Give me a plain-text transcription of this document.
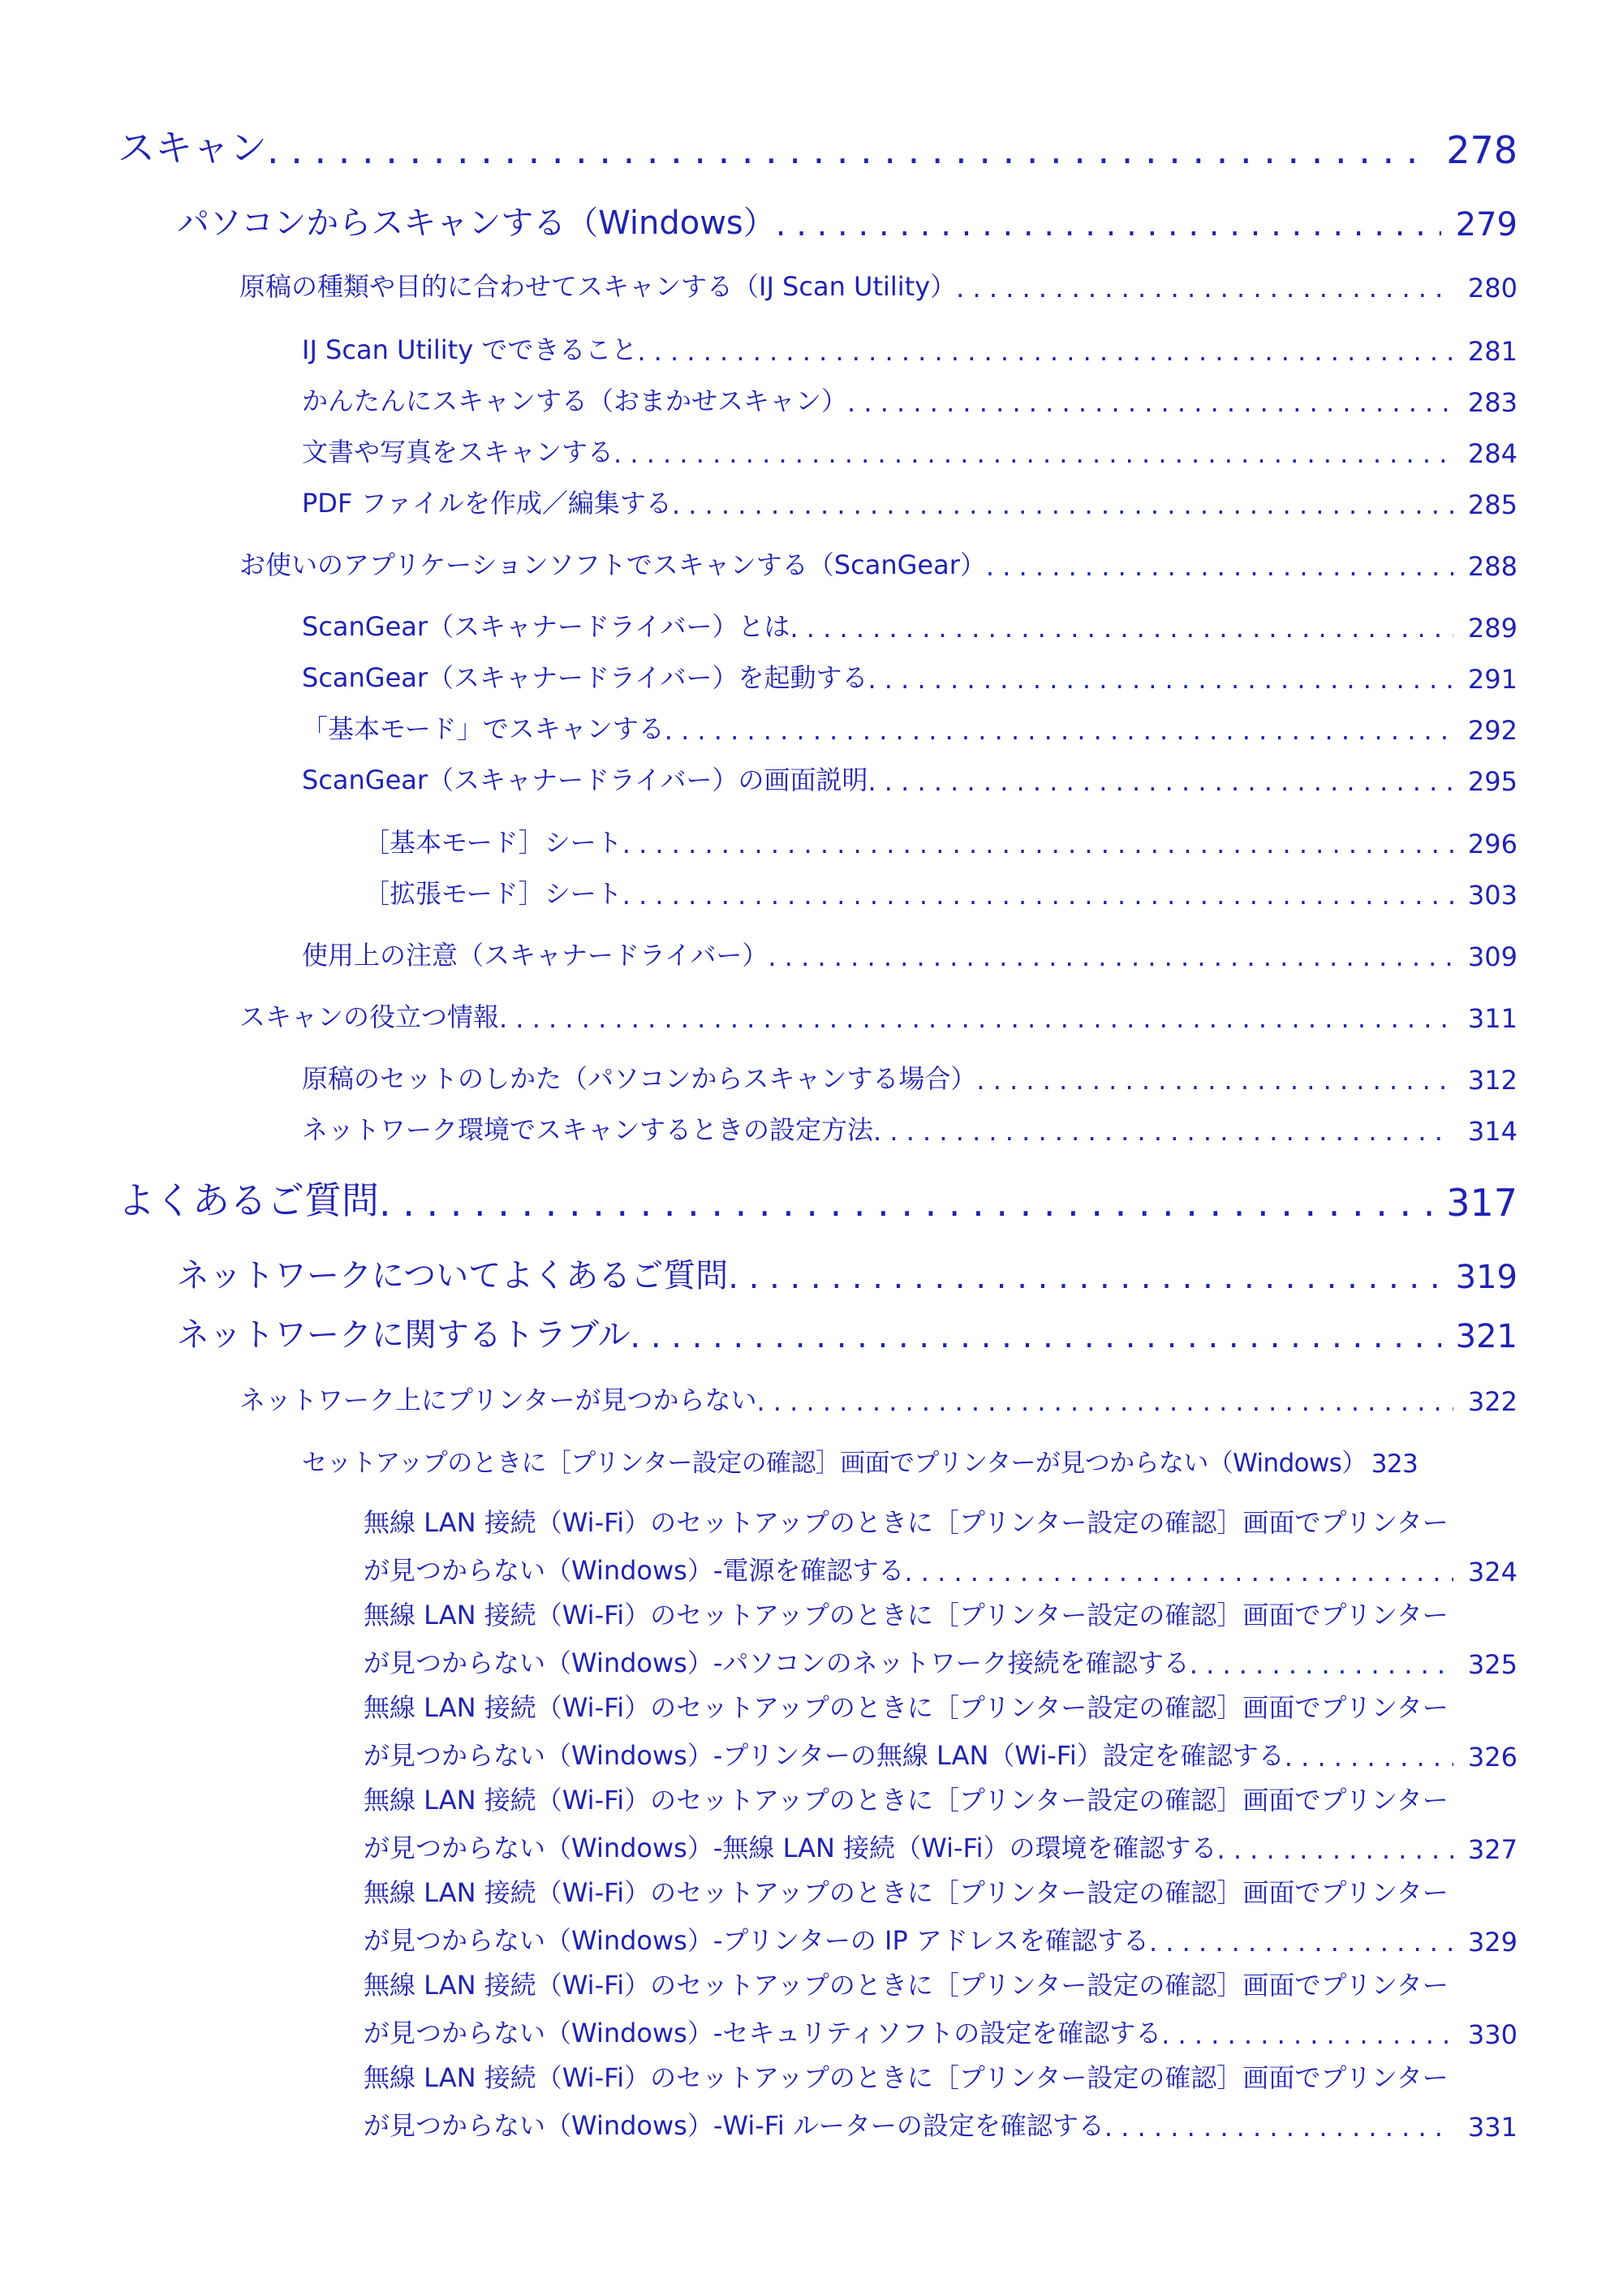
スキャン . . .	278
パソコンからスキャンする（Windows） . . .	279
原稿の種類や目的に合わせてスキャンする（IJ Scan Utility） . . .	280
IJ Scan Utility でできること . . .	281
かんたんにスキャンする（おまかせスキャン） . . .	283
文書や写真をスキャンする . . .	284
PDF ファイルを作成／編集する . . .	285
お使いのアプリケーションソフトでスキャンする（ScanGear） . . .	288
ScanGear（スキャナードライバー）とは . . .	289
ScanGear（スキャナードライバー）を起動する . . .	291
「基本モード」でスキャンする . . .	292
ScanGear（スキャナードライバー）の画面説明 . . .	295
［基本モード］シート . . .	296
［拡張モード］シート . . .	303
使用上の注意（スキャナードライバー） . . .	309
スキャンの役立つ情報 . . .	311
原稿のセットのしかた（パソコンからスキャンする場合） . . .	312
ネットワーク環境でスキャンするときの設定方法 . . .	314
よくあるご質問 . . .	317
ネットワークについてよくあるご質問 . . .	319
ネットワークに関するトラブル . . .	321
ネットワーク上にプリンターが見つからない . . .	322
セットアップのときに［プリンター設定の確認］画面でプリンターが見つからない（Windows） 323
無線 LAN 接続（Wi-Fi）のセットアップのときに［プリンター設定の確認］画面でプリンター
が見つからない（Windows）-電源を確認する . . .	324
無線 LAN 接続（Wi-Fi）のセットアップのときに［プリンター設定の確認］画面でプリンター
が見つからない（Windows）-パソコンのネットワーク接続を確認する . . .	325
無線 LAN 接続（Wi-Fi）のセットアップのときに［プリンター設定の確認］画面でプリンター
が見つからない（Windows）-プリンターの無線 LAN（Wi-Fi）設定を確認する . . .	326
無線 LAN 接続（Wi-Fi）のセットアップのときに［プリンター設定の確認］画面でプリンター
が見つからない（Windows）-無線 LAN 接続（Wi-Fi）の環境を確認する . . .	327
無線 LAN 接続（Wi-Fi）のセットアップのときに［プリンター設定の確認］画面でプリンター
が見つからない（Windows）-プリンターの IP アドレスを確認する . . .	329
無線 LAN 接続（Wi-Fi）のセットアップのときに［プリンター設定の確認］画面でプリンター
が見つからない（Windows）-セキュリティソフトの設定を確認する . . .	330
無線 LAN 接続（Wi-Fi）のセットアップのときに［プリンター設定の確認］画面でプリンター
が見つからない（Windows）-Wi-Fi ルーターの設定を確認する . . .	331
